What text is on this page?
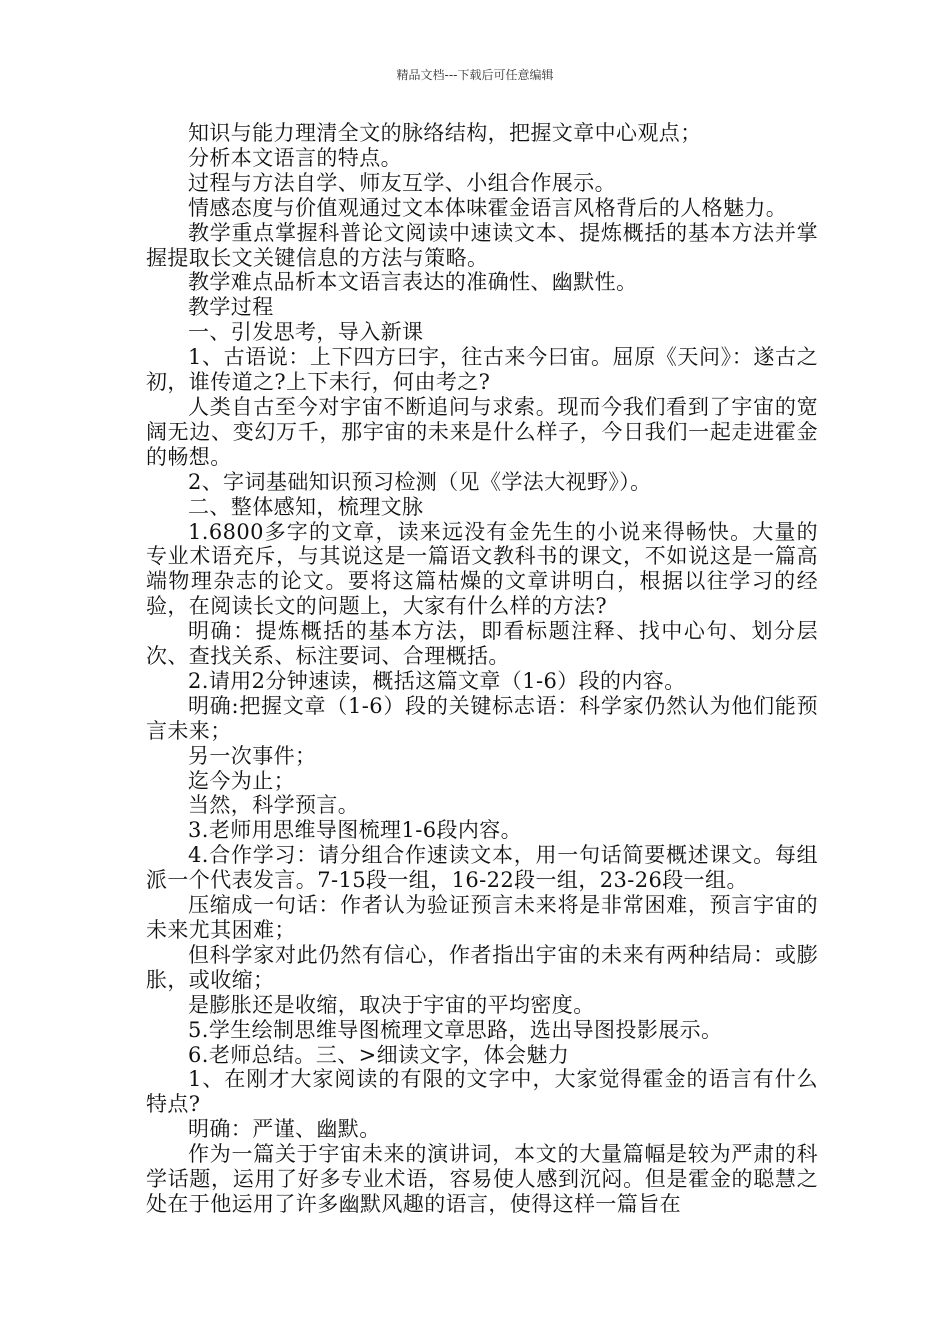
精品文档---下载后可任意编辑

知识与能力理清全文的脉络结构，把握文章中心观点；

分析本文语言的特点。

过程与方法自学、师友互学、小组合作展示。

情感态度与价值观通过文本体味霍金语言风格背后的人格魅力。

教学重点掌握科普论文阅读中速读文本、提炼概括的基本方法并掌握提取长文关键信息的方法与策略。

教学难点品析本文语言表达的准确性、幽默性。

教学过程

一、引发思考，导入新课

1、古语说：上下四方曰宇，往古来今曰宙。屈原《天问》：遂古之初，谁传道之?上下未行，何由考之?

人类自古至今对宇宙不断追问与求索。现而今我们看到了宇宙的宽阔无边、变幻万千，那宇宙的未来是什么样子，今日我们一起走进霍金的畅想。

2、字词基础知识预习检测（见《学法大视野》）。

二、整体感知，梳理文脉

1.6800多字的文章，读来远没有金先生的小说来得畅快。大量的专业术语充斥，与其说这是一篇语文教科书的课文，不如说这是一篇高端物理杂志的论文。要将这篇枯燥的文章讲明白，根据以往学习的经验，在阅读长文的问题上，大家有什么样的方法?

明确：提炼概括的基本方法，即看标题注释、找中心句、划分层次、查找关系、标注要词、合理概括。

2.请用2分钟速读，概括这篇文章（1-6）段的内容。

明确:把握文章（1-6）段的关键标志语：科学家仍然认为他们能预言未来；

另一次事件；

迄今为止；

当然，科学预言。

3.老师用思维导图梳理1-6段内容。

4.合作学习：请分组合作速读文本，用一句话简要概述课文。每组派一个代表发言。7-15段一组，16-22段一组，23-26段一组。

压缩成一句话：作者认为验证预言未来将是非常困难，预言宇宙的未来尤其困难；

但科学家对此仍然有信心，作者指出宇宙的未来有两种结局：或膨胀，或收缩；

是膨胀还是收缩，取决于宇宙的平均密度。

5.学生绘制思维导图梳理文章思路，选出导图投影展示。

6.老师总结。三、>细读文字，体会魅力

1、在刚才大家阅读的有限的文字中，大家觉得霍金的语言有什么特点?

明确：严谨、幽默。

作为一篇关于宇宙未来的演讲词，本文的大量篇幅是较为严肃的科学话题，运用了好多专业术语，容易使人感到沉闷。但是霍金的聪慧之处在于他运用了许多幽默风趣的语言，使得这样一篇旨在
